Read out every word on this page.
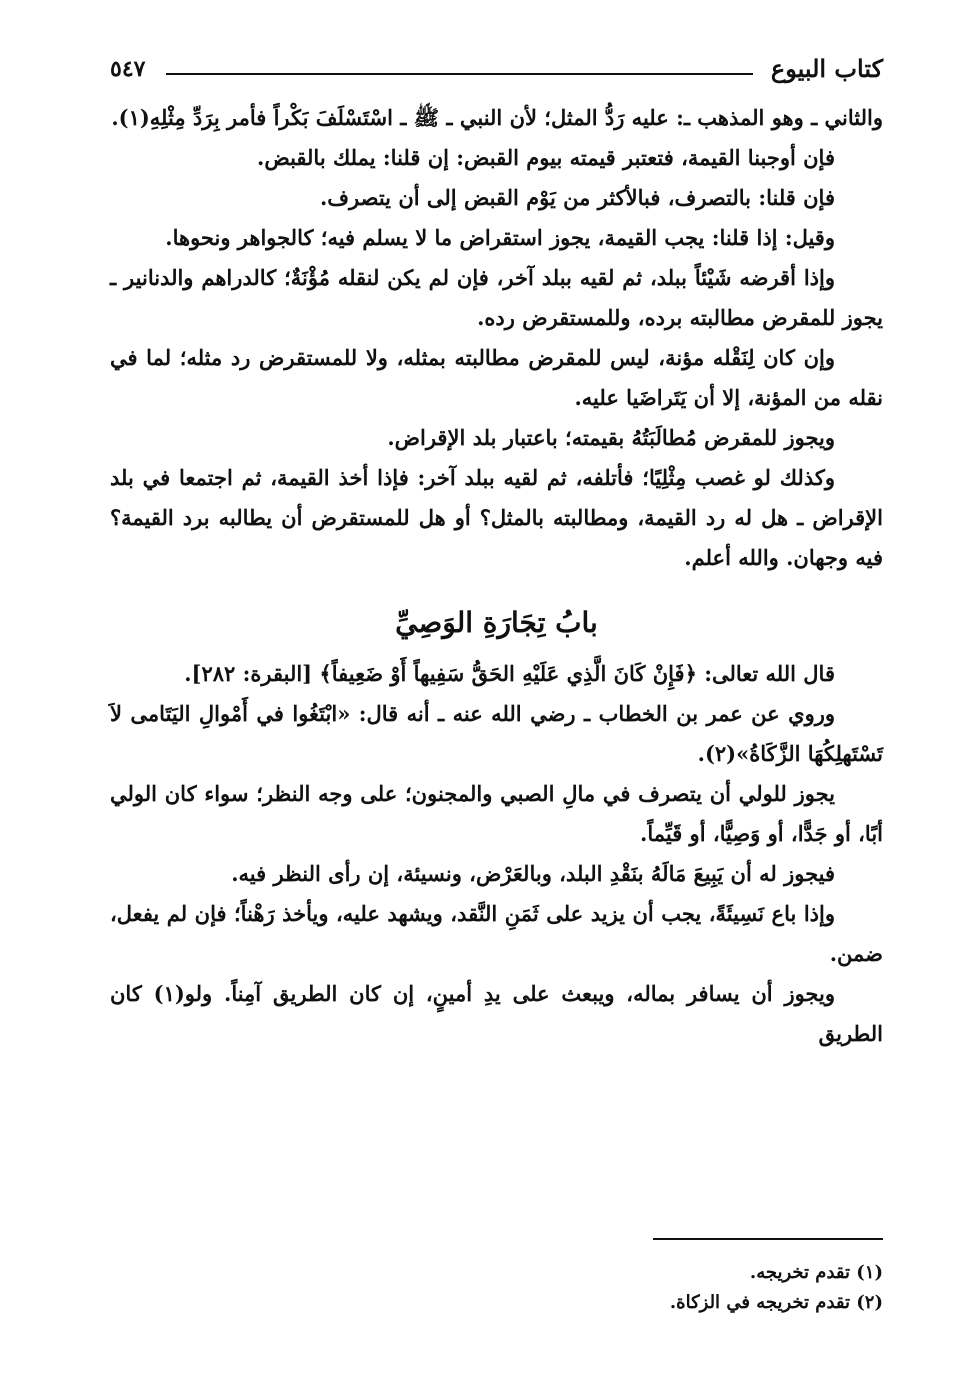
٥٤٧	كتاب البيوع

والثاني ـ وهو المذهب ـ: عليه رَدُّ المثل؛ لأن النبي ـ ﷺ ـ اسْتَسْلَفَ بَكْراً فأمر بِرَدِّ مِثْلِهِ(١).

فإن أوجبنا القيمة، فتعتبر قيمته بيوم القبض: إن قلنا: يملك بالقبض.

فإن قلنا: بالتصرف، فبالأكثر من يَوْم القبض إلى أن يتصرف.

وقيل: إذا قلنا: يجب القيمة، يجوز استقراض ما لا يسلم فيه؛ كالجواهر ونحوها.

وإذا أقرضه شَيْئاً ببلد، ثم لقيه ببلد آخر، فإن لم يكن لنقله مُؤْنَةٌ؛ كالدراهم والدنانير ـ يجوز للمقرض مطالبته برده، وللمستقرض رده.

وإن كان لِنَقْله مؤنة، ليس للمقرض مطالبته بمثله، ولا للمستقرض رد مثله؛ لما في نقله من المؤنة، إلا أن يَتَراضَيا عليه.

ويجوز للمقرض مُطالَبَتُهُ بقيمته؛ باعتبار بلد الإقراض.

وكذلك لو غصب مِثْلِيًا؛ فأتلفه، ثم لقيه ببلد آخر: فإذا أخذ القيمة، ثم اجتمعا في بلد الإقراض ـ هل له رد القيمة، ومطالبته بالمثل؟ أو هل للمستقرض أن يطالبه برد القيمة؟ فيه وجهان. والله أعلم.

بابُ تِجَارَةِ الوَصِيِّ

قال الله تعالى: ﴿فَإِنْ كَانَ الَّذِي عَلَيْهِ الحَقُّ سَفِيهاً أَوْ ضَعِيفاً﴾ [البقرة: ٢٨٢].

وروي عن عمر بن الخطاب ـ رضي الله عنه ـ أنه قال: «ابْتَغُوا في أَمْوالِ اليَتَامى لاَ تَسْتَهلِكُهَا الزَّكَاةُ»(٢).

يجوز للولي أن يتصرف في مالِ الصبي والمجنون؛ على وجه النظر؛ سواء كان الولي أبًا، أو جَدًّا، أو وَصِيًّا، أو قَيِّماً.

فيجوز له أن يَبِيعَ مَالَهُ بنَقْدِ البلد، وبالعَرْض، ونسيئة، إن رأى النظر فيه.

وإذا باع نَسِيئَةً، يجب أن يزيد على ثَمَنِ النَّقد، ويشهد عليه، ويأخذ رَهْناً؛ فإن لم يفعل، ضمن.

ويجوز أن يسافر بماله، ويبعث على يدِ أمينٍ، إن كان الطريق آمِناً. ولو(١) كان الطريق

(١) تقدم تخريجه.
(٢) تقدم تخريجه في الزكاة.
